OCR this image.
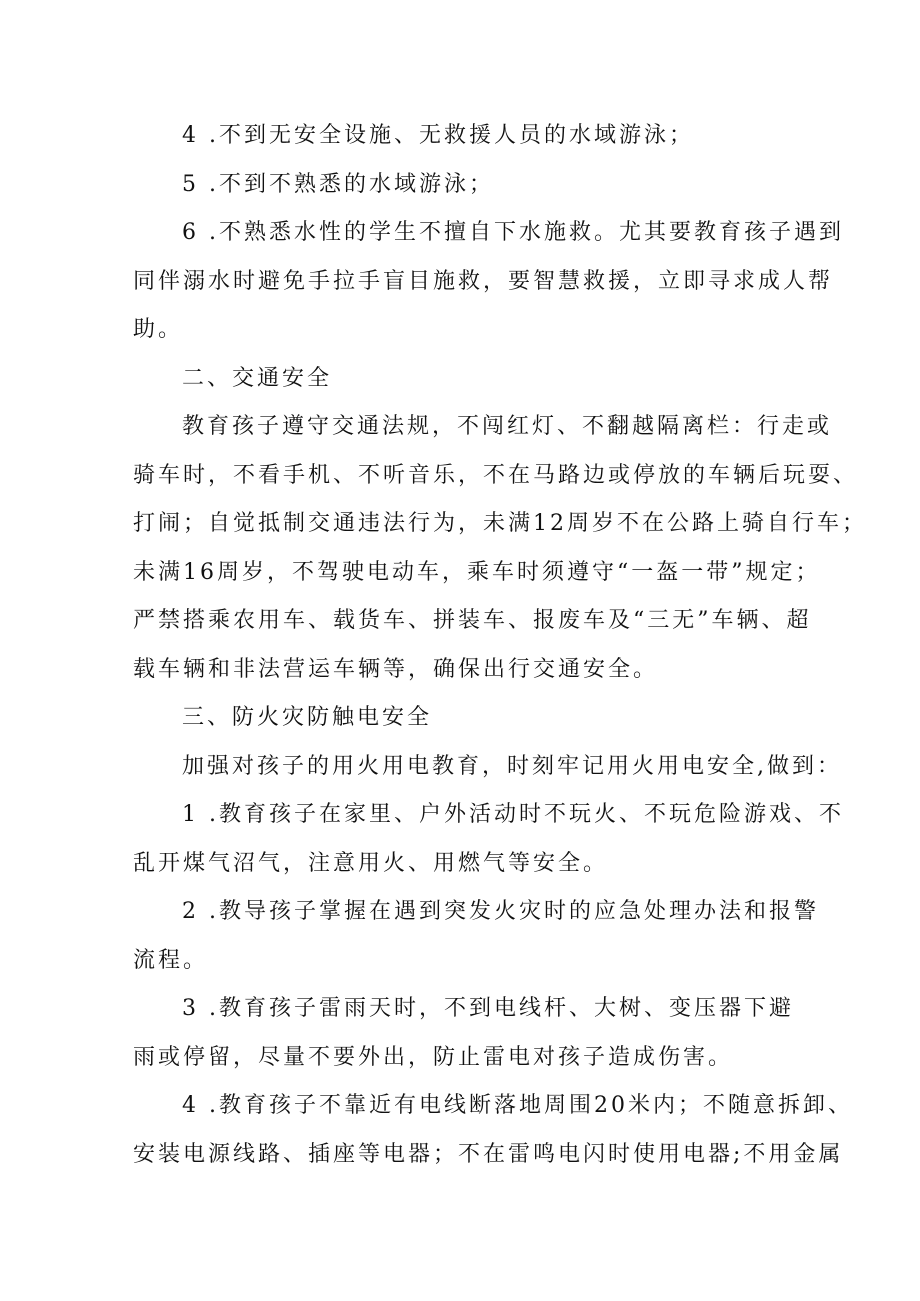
4 .不到无安全设施、无救援人员的水域游泳；
5 .不到不熟悉的水域游泳；
6 .不熟悉水性的学生不擅自下水施救。尤其要教育孩子遇到
同伴溺水时避免手拉手盲目施救，要智慧救援，立即寻求成人帮
助。
二、交通安全
教育孩子遵守交通法规，不闯红灯、不翻越隔离栏：行走或
骑车时，不看手机、不听音乐，不在马路边或停放的车辆后玩耍、
打闹；自觉抵制交通违法行为，未满12周岁不在公路上骑自行车；
未满16周岁，不驾驶电动车，乘车时须遵守“一盔一带”规定；
严禁搭乘农用车、载货车、拼装车、报废车及“三无”车辆、超
载车辆和非法营运车辆等，确保出行交通安全。
三、防火灾防触电安全
加强对孩子的用火用电教育，时刻牢记用火用电安全,做到：
1 .教育孩子在家里、户外活动时不玩火、不玩危险游戏、不
乱开煤气沼气，注意用火、用燃气等安全。
2 .教导孩子掌握在遇到突发火灾时的应急处理办法和报警
流程。
3 .教育孩子雷雨天时，不到电线杆、大树、变压器下避
雨或停留，尽量不要外出，防止雷电对孩子造成伤害。
4 .教育孩子不靠近有电线断落地周围20米内；不随意拆卸、
安装电源线路、插座等电器；不在雷鸣电闪时使用电器;不用金属
